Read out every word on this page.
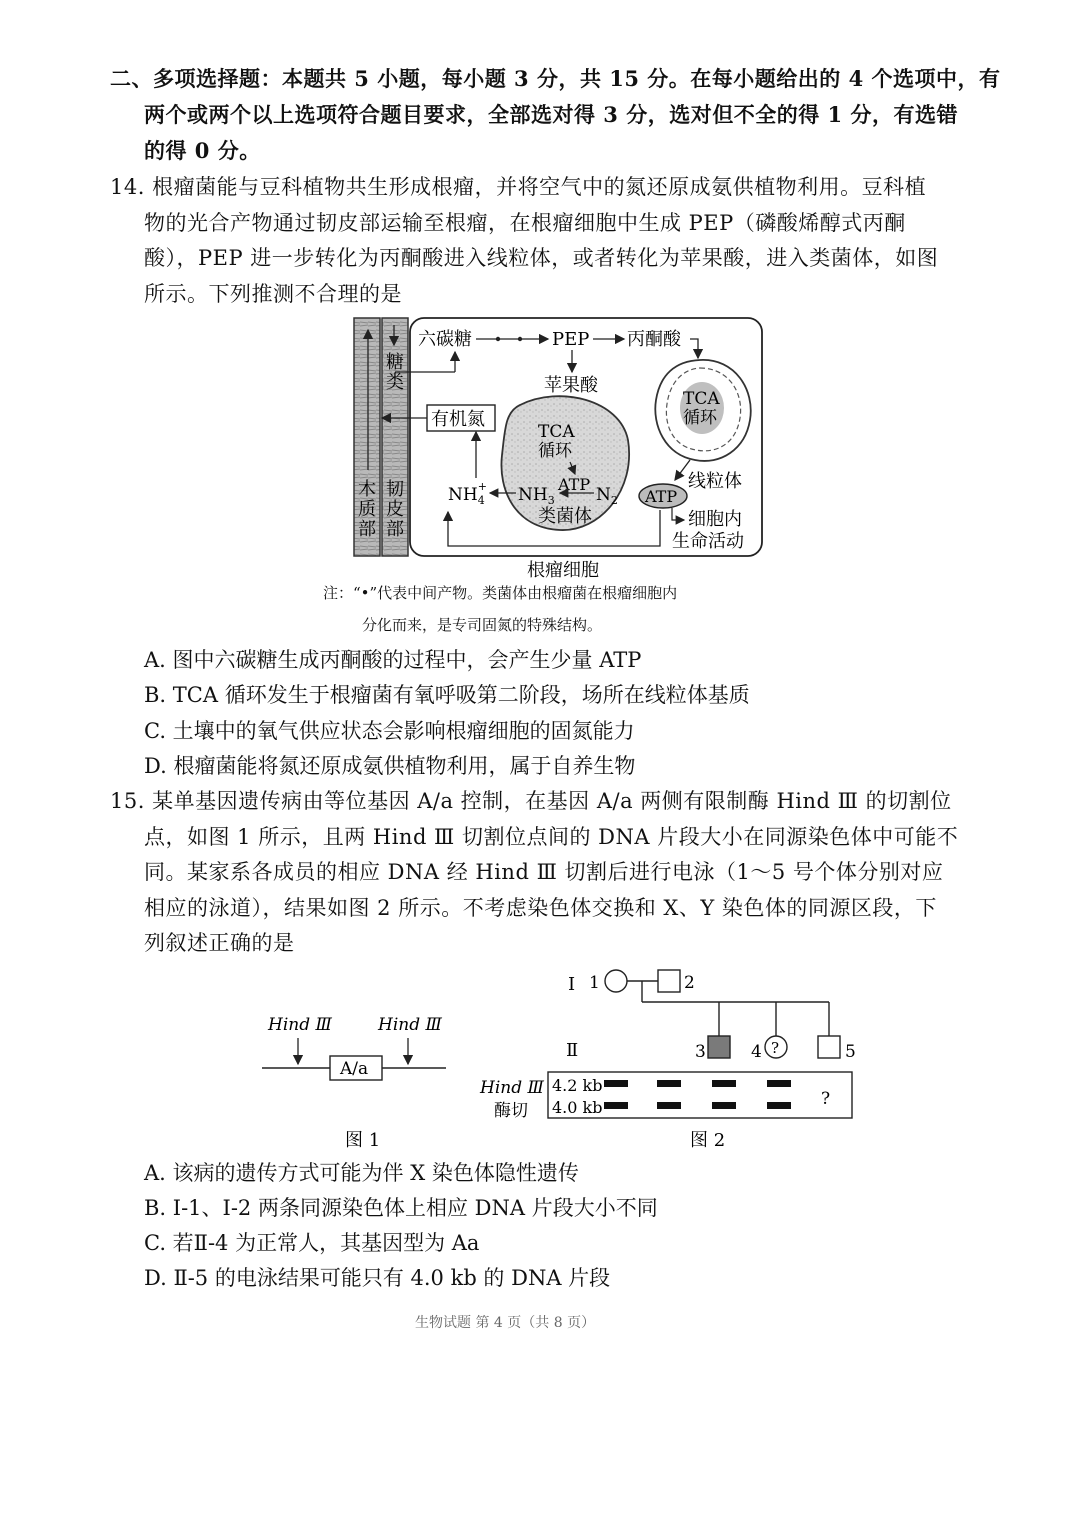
二、多项选择题：本题共 5 小题，每小题 3 分，共 15 分。在每小题给出的 4 个选项中，有
两个或两个以上选项符合题目要求，全部选对得 3 分，选对但不全的得 1 分，有选错
的得 0 分。
14. 根瘤菌能与豆科植物共生形成根瘤，并将空气中的氮还原成氨供植物利用。豆科植
物的光合产物通过韧皮部运输至根瘤，在根瘤细胞中生成 PEP（磷酸烯醇式丙酮
酸），PEP 进一步转化为丙酮酸进入线粒体，或者转化为苹果酸，进入类菌体，如图
所示。下列推测不合理的是
糖
类
木
质
部
韧
皮
部
六碳糖	PEP 丙酮酸
苹果酸
TCA
循环
ATP
$N_2$
$NH_3$
类菌体
$NH_4+$
有机氮
TCA
循环
线粒体
ATP
细胞内
生命活动
根瘤细胞
注：“•”代表中间产物。类菌体由根瘤菌在根瘤细胞内
分化而来，是专司固氮的特殊结构。
A. 图中六碳糖生成丙酮酸的过程中，会产生少量 ATP
B. TCA 循环发生于根瘤菌有氧呼吸第二阶段，场所在线粒体基质
C. 土壤中的氧气供应状态会影响根瘤细胞的固氮能力
D. 根瘤菌能将氮还原成氨供植物利用，属于自养生物
15. 某单基因遗传病由等位基因 A/a 控制，在基因 A/a 两侧有限制酶 Hind Ⅲ 的切割位
点，如图 1 所示，且两 Hind Ⅲ 切割位点间的 DNA 片段大小在同源染色体中可能不
同。某家系各成员的相应 DNA 经 Hind Ⅲ 切割后进行电泳（1～5 号个体分别对应
相应的泳道），结果如图 2 所示。不考虑染色体交换和 X、Y 染色体的同源区段，下
列叙述正确的是
Hind Ⅲ	Hind Ⅲ
A/a
图 1
Ⅰ 1	2
Ⅱ	3	4 ?	5
Hind Ⅲ
酶切
4.2 kb
4.0 kb	?
图 2
A. 该病的遗传方式可能为伴 X 染色体隐性遗传
B. Ⅰ-1、Ⅰ-2 两条同源染色体上相应 DNA 片段大小不同
C. 若Ⅱ-4 为正常人，其基因型为 Aa
D. Ⅱ-5 的电泳结果可能只有 4.0 kb 的 DNA 片段
生物试题 第 4 页（共 8 页）
